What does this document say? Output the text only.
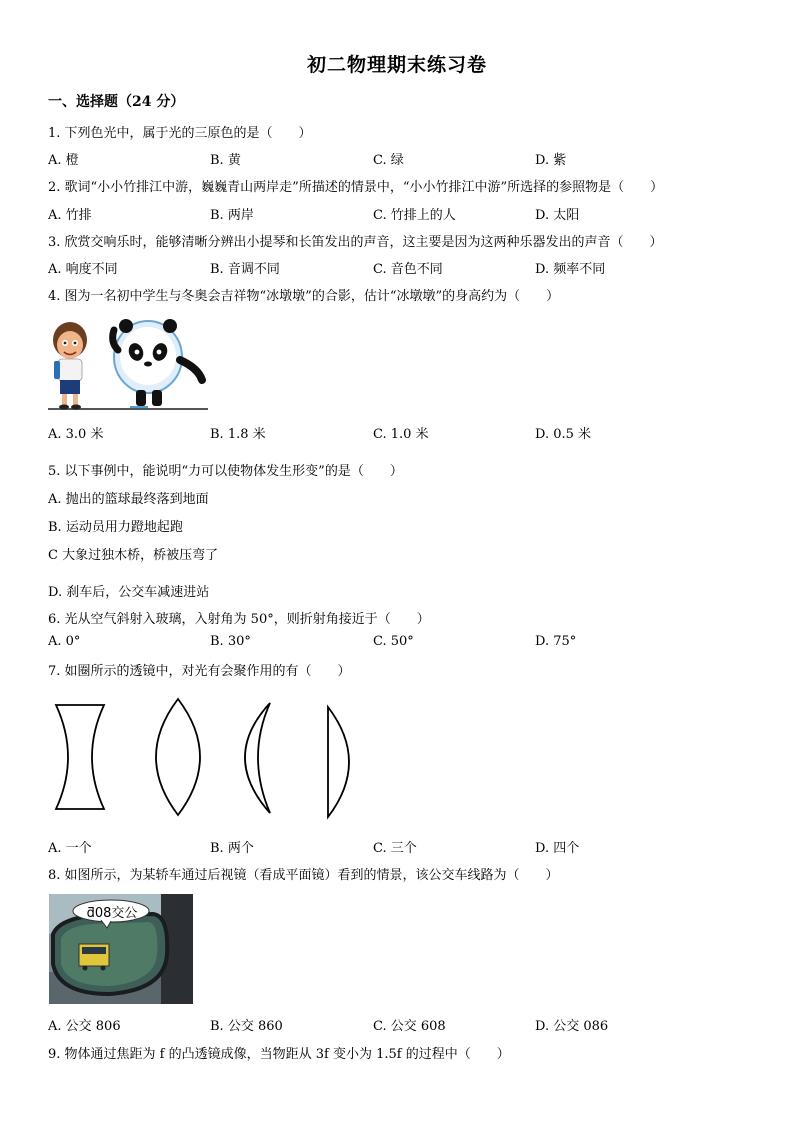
初二物理期末练习卷
一、选择题（24 分）
1. 下列色光中，属于光的三原色的是（　　）
A. 橙	B. 黄	C. 绿	D. 紫
2. 歌词“小小竹排江中游，巍巍青山两岸走”所描述的情景中，“小小竹排江中游”所选择的参照物是（　　）
A. 竹排	B. 两岸	C. 竹排上的人	D. 太阳
3. 欣赏交响乐时，能够清晰分辨出小提琴和长笛发出的声音，这主要是因为这两种乐器发出的声音（　　）
A. 响度不同	B. 音调不同	C. 音色不同	D. 频率不同
4. 图为一名初中学生与冬奥会吉祥物“冰墩墩”的合影，估计“冰墩墩”的身高约为（　　）
A. 3.0 米	B. 1.8 米	C. 1.0 米	D. 0.5 米
5. 以下事例中，能说明“力可以使物体发生形变”的是（　　）
A. 抛出的篮球最终落到地面
B. 运动员用力蹬地起跑
C 大象过独木桥，桥被压弯了
D. 刹车后，公交车减速进站
6. 光从空气斜射入玻璃，入射角为 50°，则折射角接近于（　　）
A. 0°	B. 30°	C. 50°	D. 75°
7. 如圈所示的透镜中，对光有会聚作用的有（　　）
A. 一个	B. 两个	C. 三个	D. 四个
8. 如图所示，为某轿车通过后视镜（看成平面镜）看到的情景，该公交车线路为（　　）
ƌ08交公
A. 公交 806	B. 公交 860	C. 公交 608	D. 公交 086
9. 物体通过焦距为 f 的凸透镜成像，当物距从 3f 变小为 1.5f 的过程中（　　）
